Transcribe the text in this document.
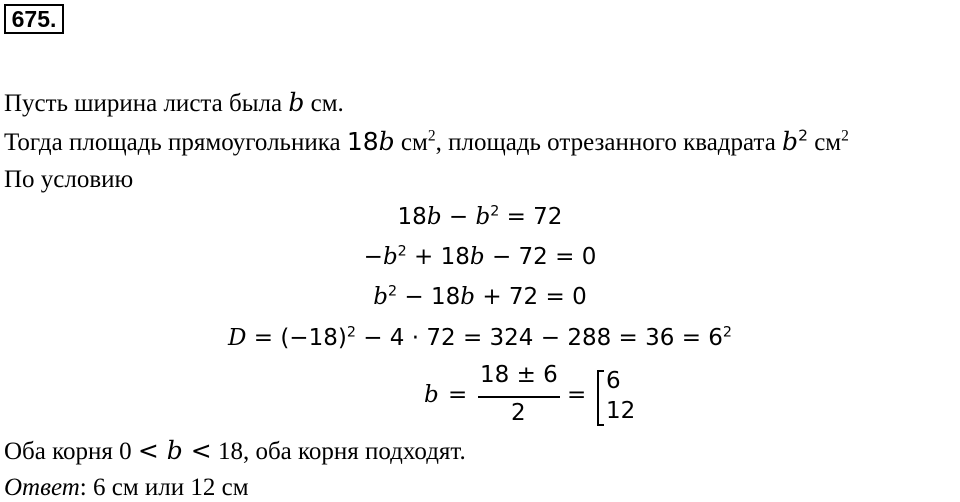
675.
Пусть ширина листа была b см.
Тогда площадь прямоугольника 18b $см^2$, площадь отрезанного квадрата $b^2$ $см^2$
По условию
$18b - b^2 = 72$
$-b^2 + 18b - 72 = 0$
$b^2 - 18b + 72 = 0$
$D = (-18)^2 - 4 \cdot 72 = 324 - 288 = 36 = 6^2$
b =
18 ± 6
2
=
6
12
Оба корня 0 < b < 18, оба корня подходят.
Ответ: 6 см или 12 см
